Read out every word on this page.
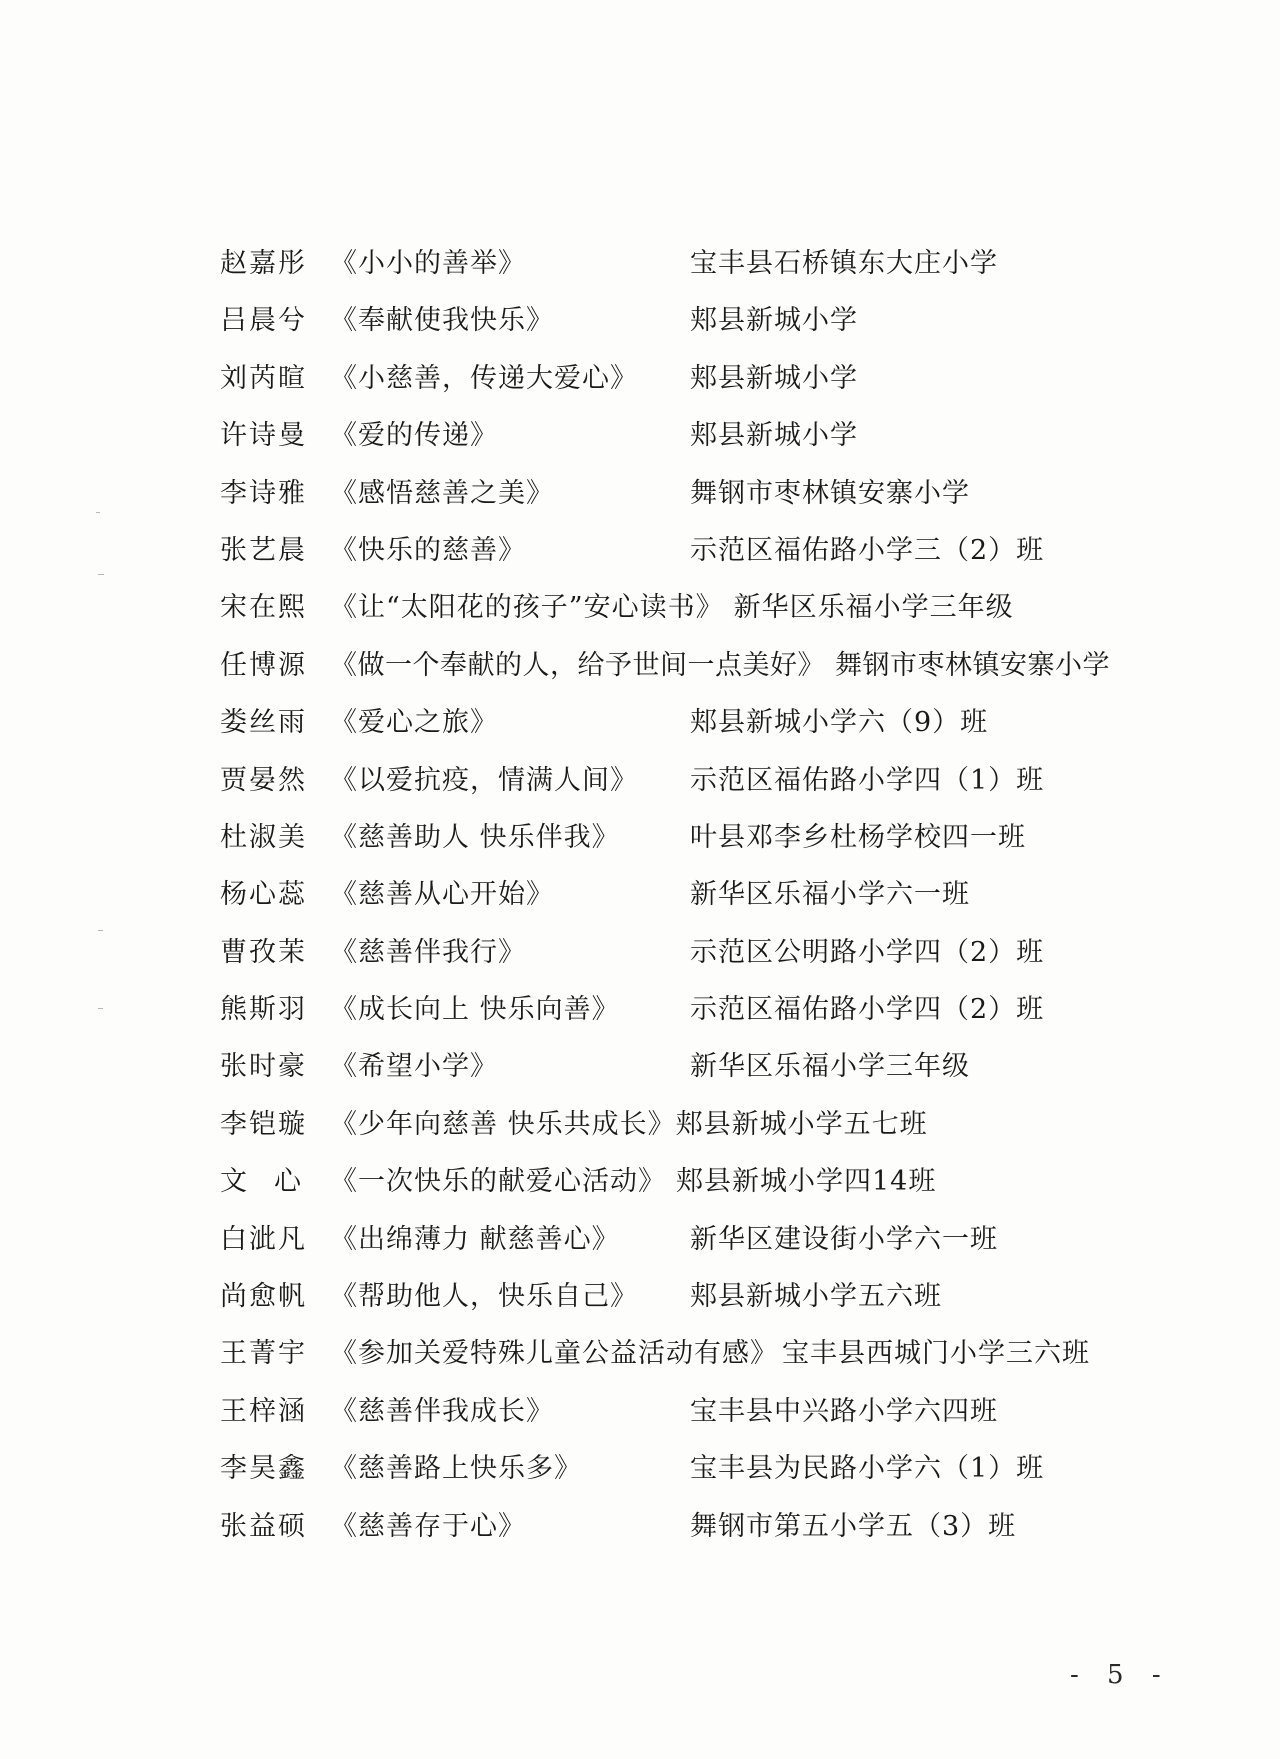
赵嘉彤 《小小的善举》	宝丰县石桥镇东大庄小学
吕晨兮 《奉献使我快乐》	郏县新城小学
刘芮暄 《小慈善，传递大爱心》 郏县新城小学
许诗曼 《爱的传递》	郏县新城小学
李诗雅 《感悟慈善之美》	舞钢市枣林镇安寨小学
张艺晨 《快乐的慈善》	示范区福佑路小学三（2）班
宋在熙 《让“太阳花的孩子”安心读书》 新华区乐福小学三年级
任博源 《做一个奉献的人，给予世间一点美好》 舞钢市枣林镇安寨小学
娄丝雨 《爱心之旅》	郏县新城小学六（9）班
贾晏然 《以爱抗疫，情满人间》 示范区福佑路小学四（1）班
杜淑美 《慈善助人 快乐伴我》	叶县邓李乡杜杨学校四一班
杨心蕊 《慈善从心开始》	新华区乐福小学六一班
曹孜茉 《慈善伴我行》	示范区公明路小学四（2）班
熊斯羽 《成长向上 快乐向善》	示范区福佑路小学四（2）班
张时豪 《希望小学》	新华区乐福小学三年级
李铠璇 《少年向慈善 快乐共成长》郏县新城小学五七班
文 心 《一次快乐的献爱心活动》 郏县新城小学四14班
白泚凡 《出绵薄力 献慈善心》	新华区建设街小学六一班
尚愈帆 《帮助他人，快乐自己》 郏县新城小学五六班
王菁宇 《参加关爱特殊儿童公益活动有感》 宝丰县西城门小学三六班
王梓涵 《慈善伴我成长》	宝丰县中兴路小学六四班
李昊鑫 《慈善路上快乐多》	宝丰县为民路小学六（1）班
张益硕 《慈善存于心》	舞钢市第五小学五（3）班
- 5 -
